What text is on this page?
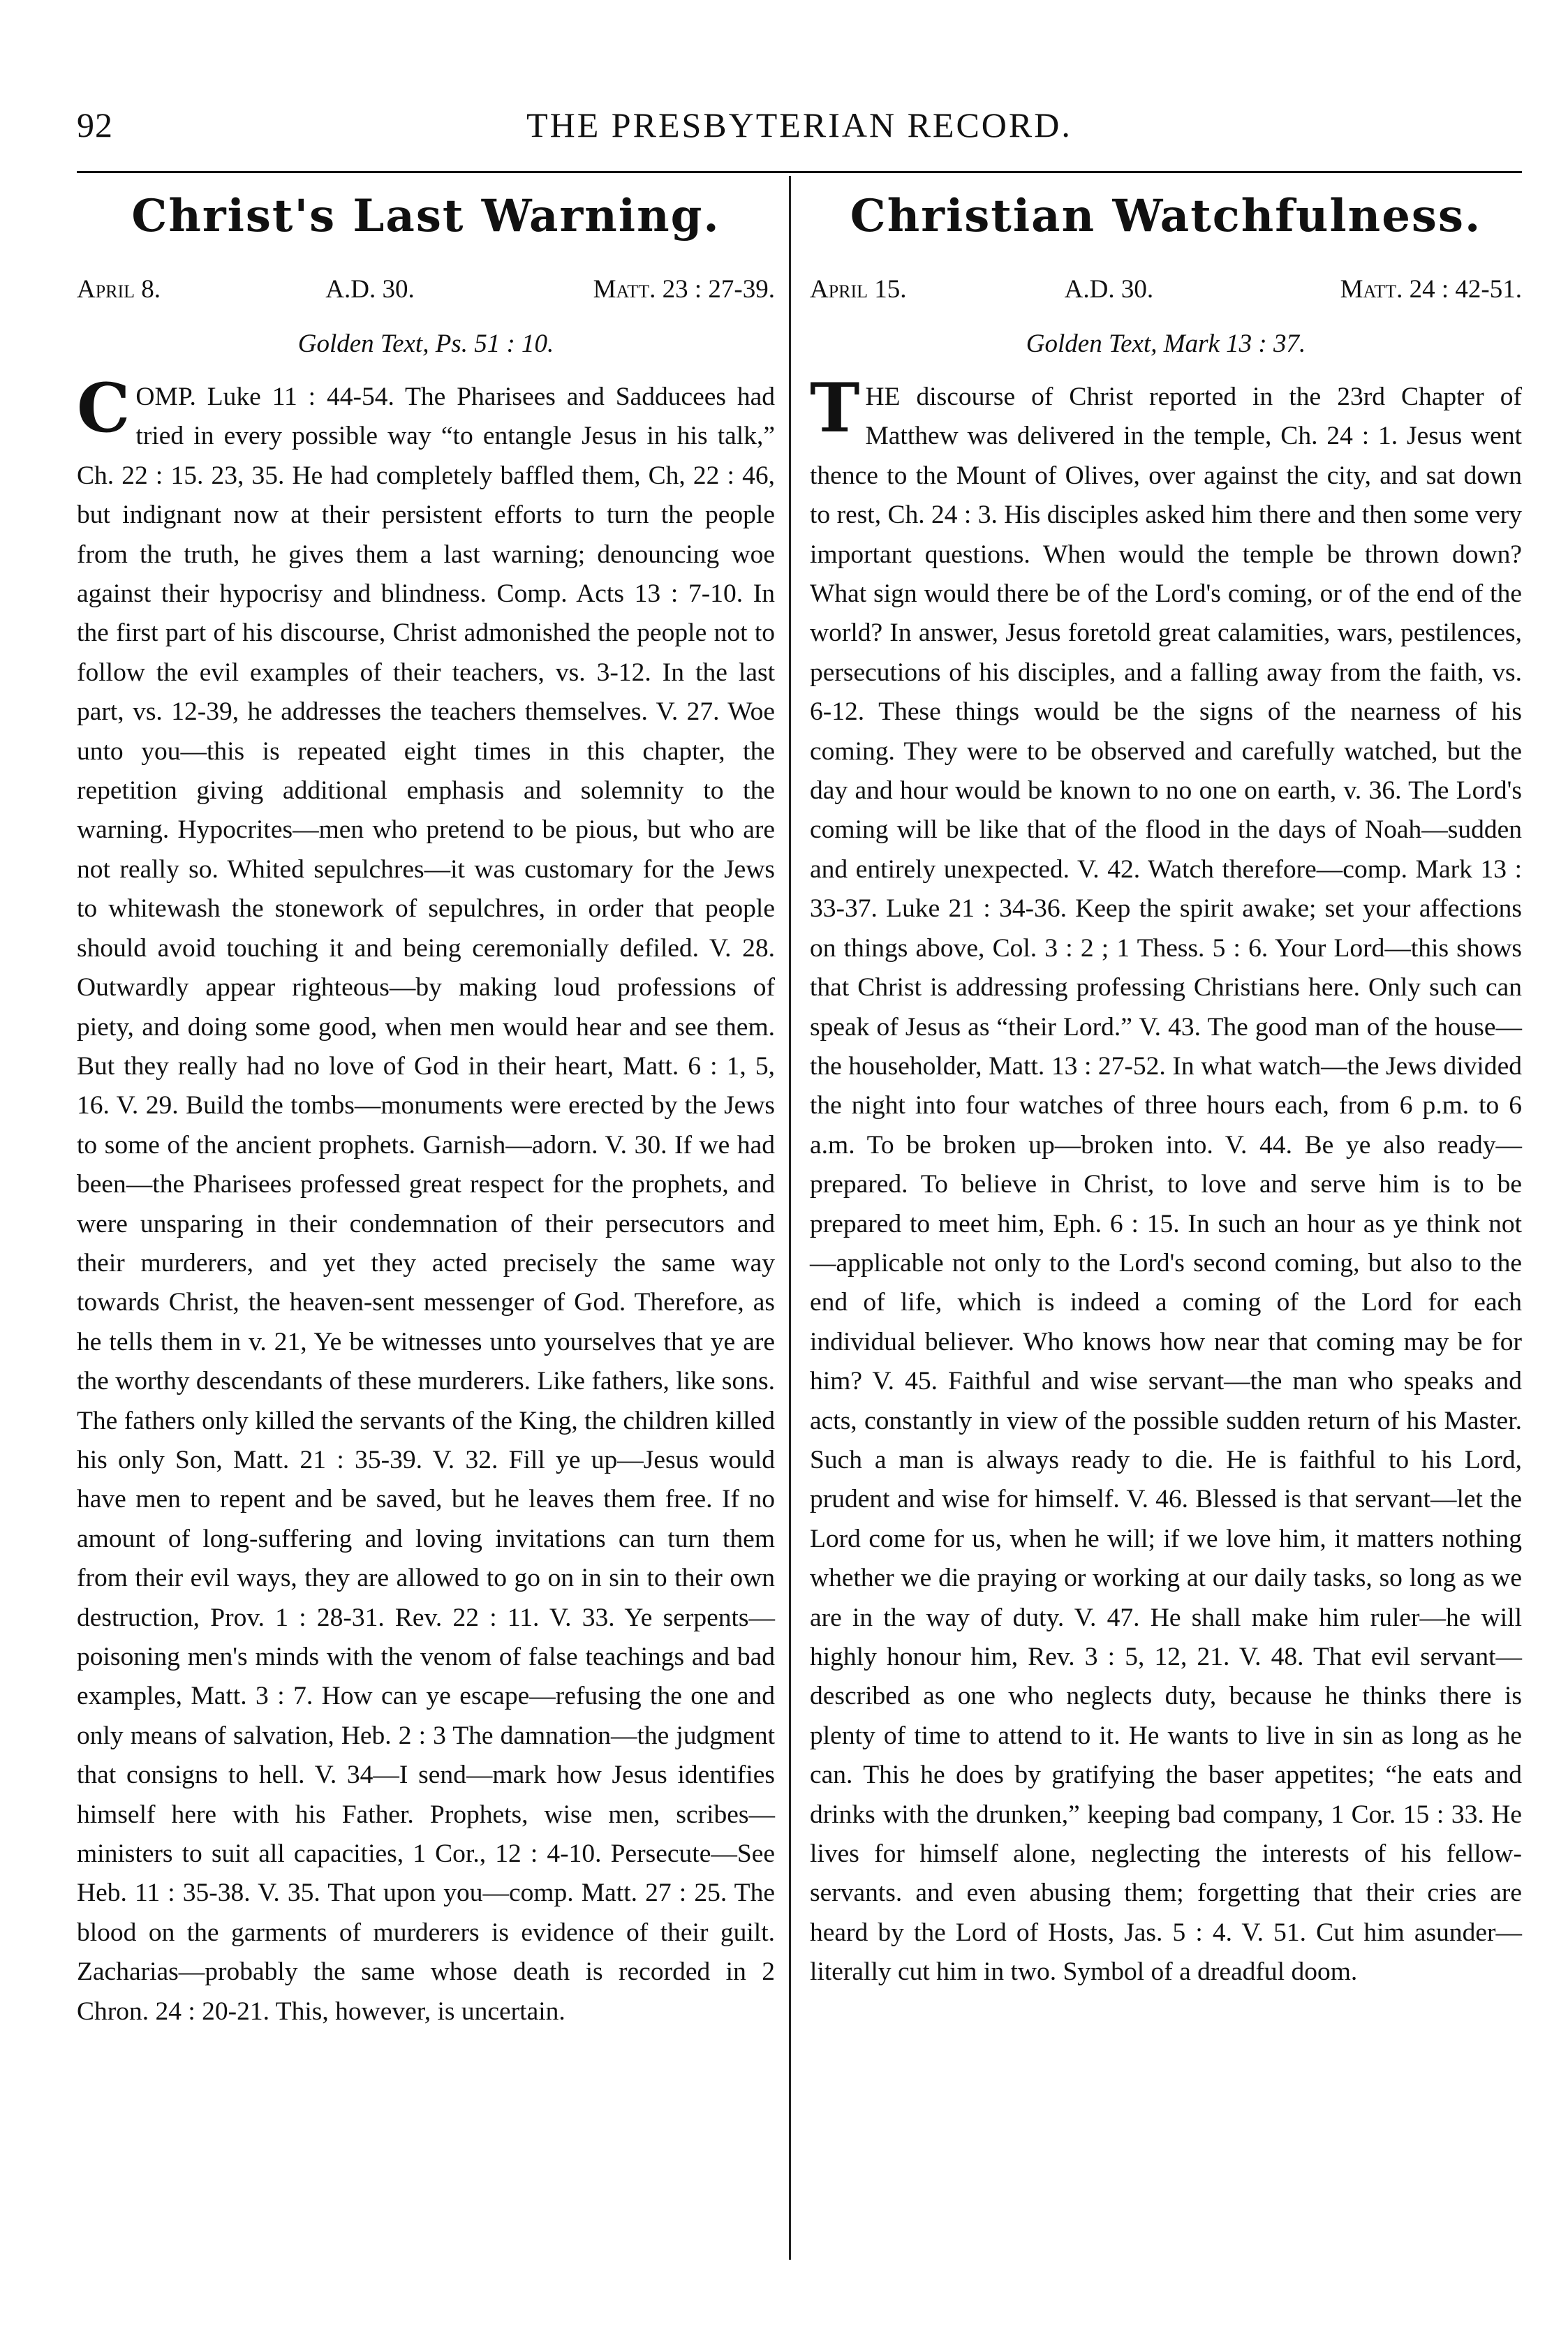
92	THE PRESBYTERIAN RECORD.
Christ's Last Warning.
April 8.	A.D. 30.	Matt. 23 : 27-39.
Golden Text, Ps. 51 : 10.
COMP. Luke 11 : 44-54. The Pharisees and Sadducees had tried in every possible way “to entangle Jesus in his talk,” Ch. 22 : 15. 23, 35. He had completely baffled them, Ch, 22 : 46, but indignant now at their persistent efforts to turn the people from the truth, he gives them a last warning; denouncing woe against their hypocrisy and blindness. Comp. Acts 13 : 7-10. In the first part of his discourse, Christ admonished the people not to follow the evil examples of their teachers, vs. 3-12. In the last part, vs. 12-39, he addresses the teachers themselves. V. 27. Woe unto you—this is repeated eight times in this chapter, the repetition giving additional emphasis and solemnity to the warning. Hypocrites—men who pretend to be pious, but who are not really so. Whited sepulchres—it was customary for the Jews to whitewash the stonework of sepulchres, in order that people should avoid touching it and being ceremonially defiled. V. 28. Outwardly appear righteous—by making loud professions of piety, and doing some good, when men would hear and see them. But they really had no love of God in their heart, Matt. 6 : 1, 5, 16. V. 29. Build the tombs—monuments were erected by the Jews to some of the ancient prophets. Garnish—adorn. V. 30. If we had been—the Pharisees professed great respect for the prophets, and were unsparing in their condemnation of their persecutors and their murderers, and yet they acted precisely the same way towards Christ, the heaven-sent messenger of God. Therefore, as he tells them in v. 21, Ye be witnesses unto yourselves that ye are the worthy descendants of these murderers. Like fathers, like sons. The fathers only killed the servants of the King, the children killed his only Son, Matt. 21 : 35-39. V. 32. Fill ye up—Jesus would have men to repent and be saved, but he leaves them free. If no amount of long-suffering and loving invitations can turn them from their evil ways, they are allowed to go on in sin to their own destruction, Prov. 1 : 28-31. Rev. 22 : 11. V. 33. Ye serpents—poisoning men's minds with the venom of false teachings and bad examples, Matt. 3 : 7. How can ye escape—refusing the one and only means of salvation, Heb. 2 : 3 The damnation—the judgment that consigns to hell. V. 34—I send—mark how Jesus identifies himself here with his Father. Prophets, wise men, scribes—ministers to suit all capacities, 1 Cor., 12 : 4-10. Persecute—See Heb. 11 : 35-38. V. 35. That upon you—comp. Matt. 27 : 25. The blood on the garments of murderers is evidence of their guilt. Zacharias—probably the same whose death is recorded in 2 Chron. 24 : 20-21. This, however, is uncertain.
Christian Watchfulness.
April 15.	A.D. 30.	Matt. 24 : 42-51.
Golden Text, Mark 13 : 37.
THE discourse of Christ reported in the 23rd Chapter of Matthew was delivered in the temple, Ch. 24 : 1. Jesus went thence to the Mount of Olives, over against the city, and sat down to rest, Ch. 24 : 3. His disciples asked him there and then some very important questions. When would the temple be thrown down? What sign would there be of the Lord's coming, or of the end of the world? In answer, Jesus foretold great calamities, wars, pestilences, persecutions of his disciples, and a falling away from the faith, vs. 6-12. These things would be the signs of the nearness of his coming. They were to be observed and carefully watched, but the day and hour would be known to no one on earth, v. 36. The Lord's coming will be like that of the flood in the days of Noah—sudden and entirely unexpected. V. 42. Watch therefore—comp. Mark 13 : 33-37. Luke 21 : 34-36. Keep the spirit awake; set your affections on things above, Col. 3 : 2 ; 1 Thess. 5 : 6. Your Lord—this shows that Christ is addressing professing Christians here. Only such can speak of Jesus as “their Lord.” V. 43. The good man of the house—the householder, Matt. 13 : 27-52. In what watch—the Jews divided the night into four watches of three hours each, from 6 p.m. to 6 a.m. To be broken up—broken into. V. 44. Be ye also ready—prepared. To believe in Christ, to love and serve him is to be prepared to meet him, Eph. 6 : 15. In such an hour as ye think not—applicable not only to the Lord's second coming, but also to the end of life, which is indeed a coming of the Lord for each individual believer. Who knows how near that coming may be for him? V. 45. Faithful and wise servant—the man who speaks and acts, constantly in view of the possible sudden return of his Master. Such a man is always ready to die. He is faithful to his Lord, prudent and wise for himself. V. 46. Blessed is that servant—let the Lord come for us, when he will; if we love him, it matters nothing whether we die praying or working at our daily tasks, so long as we are in the way of duty. V. 47. He shall make him ruler—he will highly honour him, Rev. 3 : 5, 12, 21. V. 48. That evil servant—described as one who neglects duty, because he thinks there is plenty of time to attend to it. He wants to live in sin as long as he can. This he does by gratifying the baser appetites; “he eats and drinks with the drunken,” keeping bad company, 1 Cor. 15 : 33. He lives for himself alone, neglecting the interests of his fellow-servants. and even abusing them; forgetting that their cries are heard by the Lord of Hosts, Jas. 5 : 4. V. 51. Cut him asunder—literally cut him in two. Symbol of a dreadful doom.
